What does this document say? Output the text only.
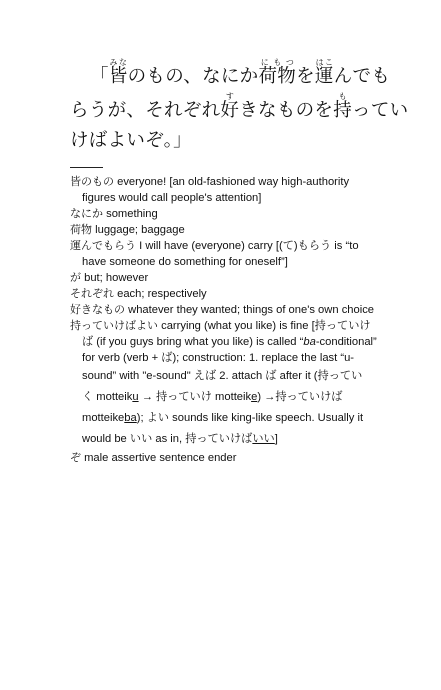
「皆みなのもの、なにか荷物にもつを運はこんでも
らうが、それぞれ好すきなものを持もってい
けばよいぞ。」

皆のもの everyone! [an old-fashioned way high-authority

figures would call people's attention]

なにか something

荷物 luggage; baggage

運んでもらう I will have (everyone) carry [(て)もらう is “to

have someone do something for oneself”]

が but; however

それぞれ each; respectively

好きなもの whatever they wanted; things of one's own choice

持っていけばよい carrying (what you like) is fine [持っていけ

ば (if you guys bring what you like) is called “ba-conditional”

for verb (verb + ば); construction: 1. replace the last “u-

sound” with "e-sound" えば 2. attach ば after it (持ってい

く motteiku → 持っていけ motteike) →持っていけば

motteikeba); よい sounds like king-like speech. Usually it

would be いい as in, 持っていけばいい]

ぞ male assertive sentence ender
